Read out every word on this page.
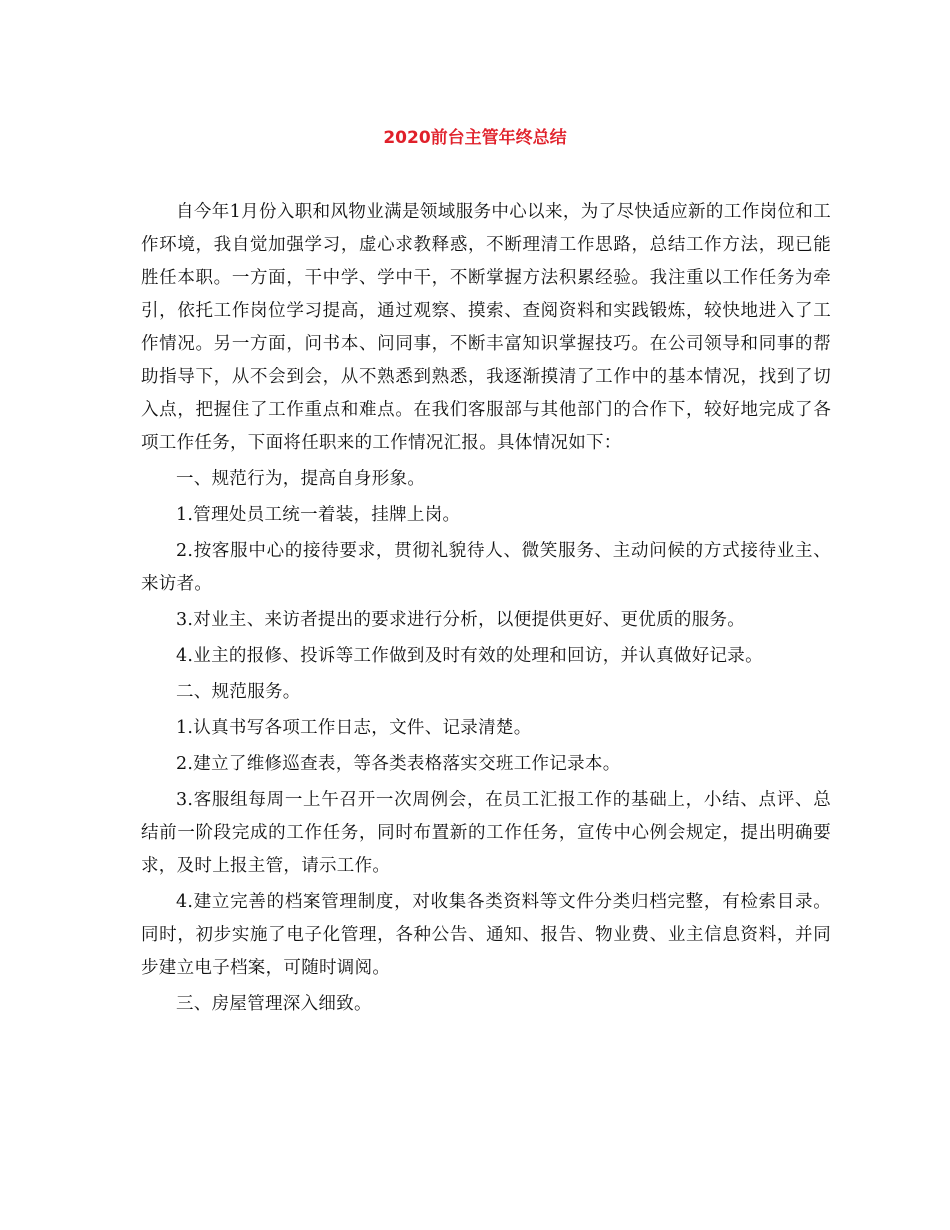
2020前台主管年终总结

自今年1月份入职和风物业满是领域服务中心以来，为了尽快适应新的工作岗位和工作环境，我自觉加强学习，虚心求教释惑，不断理清工作思路，总结工作方法，现已能胜任本职。一方面，干中学、学中干，不断掌握方法积累经验。我注重以工作任务为牵引，依托工作岗位学习提高，通过观察、摸索、查阅资料和实践锻炼，较快地进入了工作情况。另一方面，问书本、问同事，不断丰富知识掌握技巧。在公司领导和同事的帮助指导下，从不会到会，从不熟悉到熟悉，我逐渐摸清了工作中的基本情况，找到了切入点，把握住了工作重点和难点。在我们客服部与其他部门的合作下，较好地完成了各项工作任务，下面将任职来的工作情况汇报。具体情况如下：

一、规范行为，提高自身形象。

1.管理处员工统一着装，挂牌上岗。

2.按客服中心的接待要求，贯彻礼貌待人、微笑服务、主动问候的方式接待业主、来访者。

3.对业主、来访者提出的要求进行分析，以便提供更好、更优质的服务。

4.业主的报修、投诉等工作做到及时有效的处理和回访，并认真做好记录。

二、规范服务。

1.认真书写各项工作日志，文件、记录清楚。

2.建立了维修巡查表，等各类表格落实交班工作记录本。

3.客服组每周一上午召开一次周例会，在员工汇报工作的基础上，小结、点评、总结前一阶段完成的工作任务，同时布置新的工作任务，宣传中心例会规定，提出明确要求，及时上报主管，请示工作。

4.建立完善的档案管理制度，对收集各类资料等文件分类归档完整，有检索目录。同时，初步实施了电子化管理，各种公告、通知、报告、物业费、业主信息资料，并同步建立电子档案，可随时调阅。

三、房屋管理深入细致。
